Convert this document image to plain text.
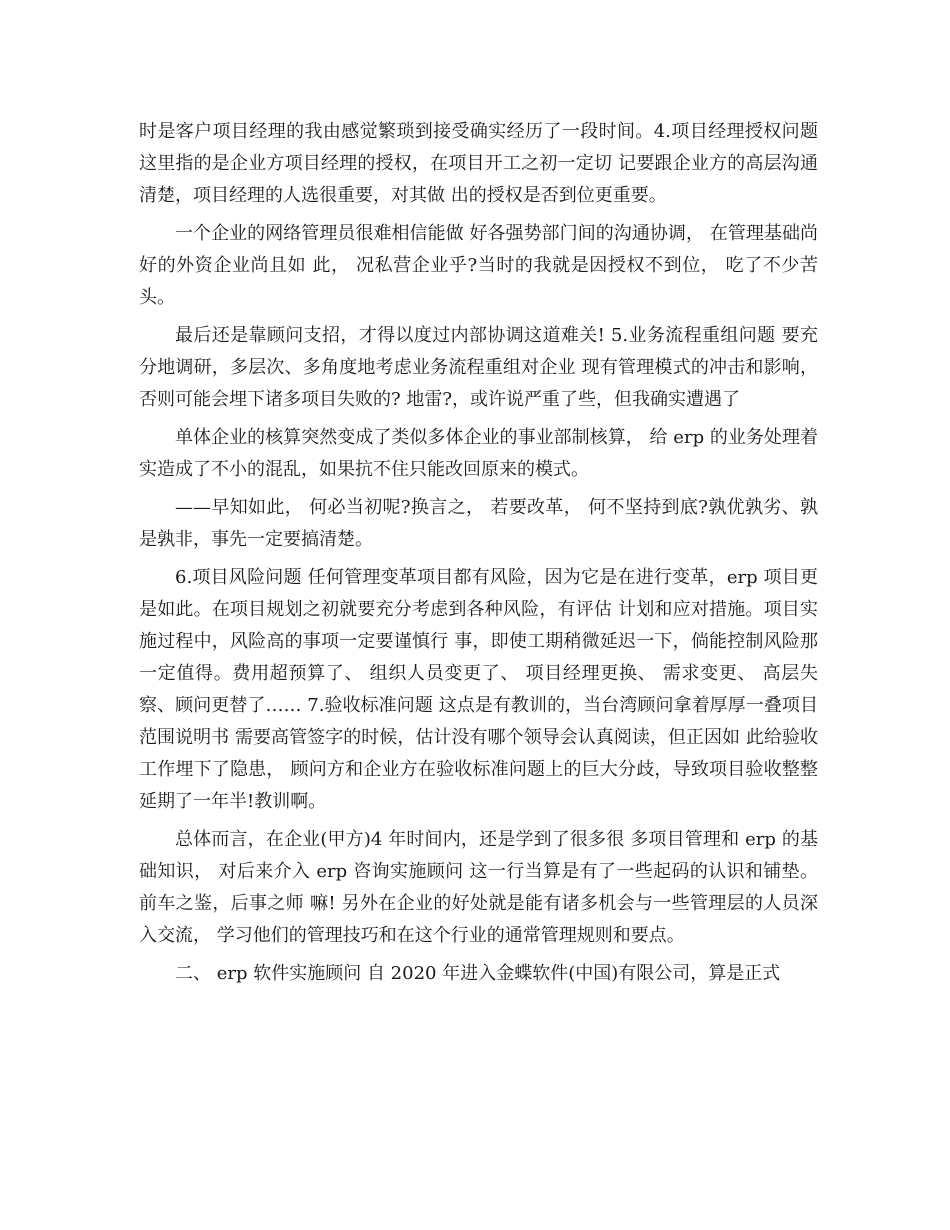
时是客户项目经理的我由感觉繁琐到接受确实经历了一段时间。4.项目经理授权问题 这里指的是企业方项目经理的授权，在项目开工之初一定切 记要跟企业方的高层沟通清楚，项目经理的人选很重要，对其做 出的授权是否到位更重要。
一个企业的网络管理员很难相信能做 好各强势部门间的沟通协调， 在管理基础尚好的外资企业尚且如 此， 况私营企业乎?当时的我就是因授权不到位， 吃了不少苦头。
最后还是靠顾问支招，才得以度过内部协调这道难关! 5.业务流程重组问题 要充分地调研，多层次、多角度地考虑业务流程重组对企业 现有管理模式的冲击和影响，否则可能会埋下诸多项目失败的? 地雷?，或许说严重了些，但我确实遭遇了
单体企业的核算突然变成了类似多体企业的事业部制核算， 给 erp 的业务处理着实造成了不小的混乱，如果抗不住只能改回原来的模式。
——早知如此， 何必当初呢?换言之， 若要改革， 何不坚持到底?孰优孰劣、孰是孰非，事先一定要搞清楚。
6.项目风险问题 任何管理变革项目都有风险，因为它是在进行变革，erp 项目更是如此。在项目规划之初就要充分考虑到各种风险，有评估 计划和应对措施。项目实施过程中，风险高的事项一定要谨慎行 事，即使工期稍微延迟一下，倘能控制风险那一定值得。费用超预算了、 组织人员变更了、 项目经理更换、 需求变更、 高层失察、顾问更替了…… 7.验收标准问题 这点是有教训的，当台湾顾问拿着厚厚一叠项目范围说明书 需要高管签字的时候，估计没有哪个领导会认真阅读，但正因如 此给验收工作埋下了隐患， 顾问方和企业方在验收标准问题上的巨大分歧，导致项目验收整整延期了一年半!教训啊。
总体而言，在企业(甲方)4 年时间内，还是学到了很多很 多项目管理和 erp 的基础知识， 对后来介入 erp 咨询实施顾问 这一行当算是有了一些起码的认识和铺垫。前车之鉴，后事之师 嘛! 另外在企业的好处就是能有诸多机会与一些管理层的人员深 入交流， 学习他们的管理技巧和在这个行业的通常管理规则和要点。
二、 erp 软件实施顾问 自 2020 年进入金蝶软件(中国)有限公司，算是正式
